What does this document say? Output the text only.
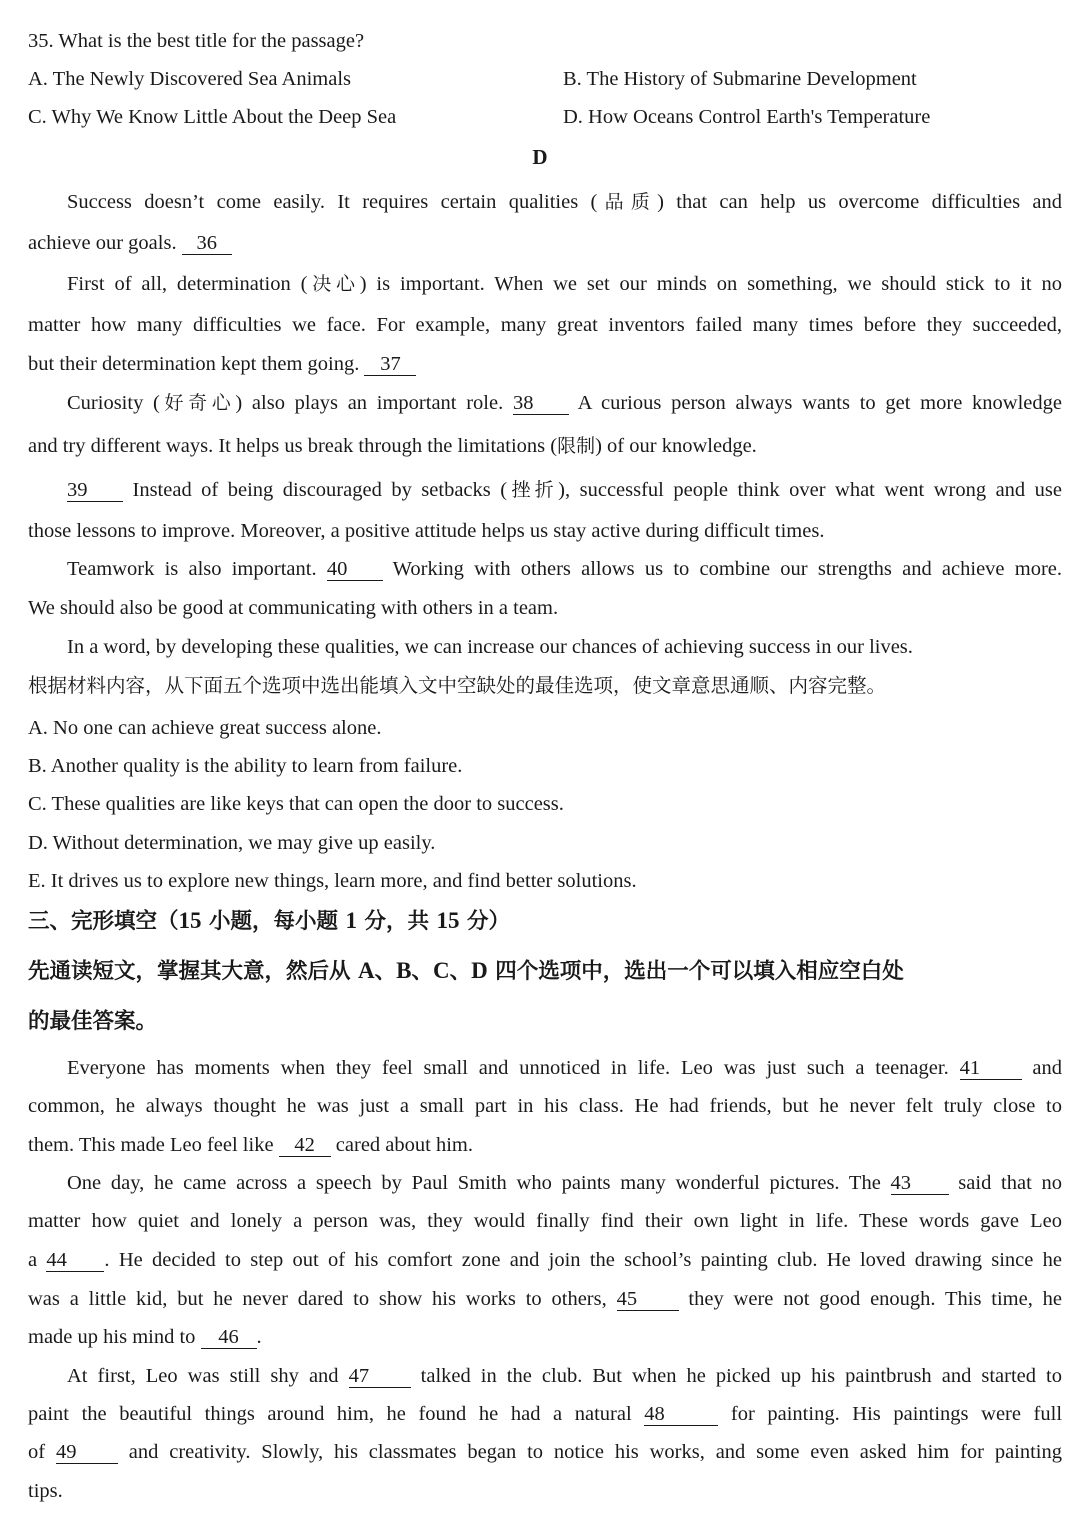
35. What is the best title for the passage?
A. The Newly Discovered Sea Animals	B. The History of Submarine Development
C. Why We Know Little About the Deep Sea	D. How Oceans Control Earth's Temperature
D
Success doesn’t come easily. It requires certain qualities (品质) that can help us overcome difficulties and
achieve our goals. 36
First of all, determination (决心) is important. When we set our minds on something, we should stick to it no
matter how many difficulties we face. For example, many great inventors failed many times before they succeeded,
but their determination kept them going. 37
Curiosity (好奇心) also plays an important role. 38 A curious person always wants to get more knowledge
and try different ways. It helps us break through the limitations (限制) of our knowledge.
39 Instead of being discouraged by setbacks (挫折), successful people think over what went wrong and use
those lessons to improve. Moreover, a positive attitude helps us stay active during difficult times.
Teamwork is also important. 40 Working with others allows us to combine our strengths and achieve more.
We should also be good at communicating with others in a team.
In a word, by developing these qualities, we can increase our chances of achieving success in our lives.
根据材料内容，从下面五个选项中选出能填入文中空缺处的最佳选项，使文章意思通顺、内容完整。
A. No one can achieve great success alone.
B. Another quality is the ability to learn from failure.
C. These qualities are like keys that can open the door to success.
D. Without determination, we may give up easily.
E. It drives us to explore new things, learn more, and find better solutions.
三、完形填空（15 小题，每小题 1 分，共 15 分）
先通读短文，掌握其大意，然后从 A、B、C、D 四个选项中，选出一个可以填入相应空白处
的最佳答案。
Everyone has moments when they feel small and unnoticed in life. Leo was just such a teenager. 41	and
common, he always thought he was just a small part in his class. He had friends, but he never felt truly close to
them. This made Leo feel like 42 cared about him.
One day, he came across a speech by Paul Smith who paints many wonderful pictures. The 43 said that no
matter how quiet and lonely a person was, they would finally find their own light in life. These words gave Leo
a 44 . He decided to step out of his comfort zone and join the school’s painting club. He loved drawing since he
was a little kid, but he never dared to show his works to others, 45	they were not good enough. This time, he
made up his mind to 46 .
At first, Leo was still shy and 47	talked in the club. But when he picked up his paintbrush and started to
paint the beautiful things around him, he found he had a natural 48	for painting. His paintings were full
of 49	and creativity. Slowly, his classmates began to notice his works, and some even asked him for painting
tips.
